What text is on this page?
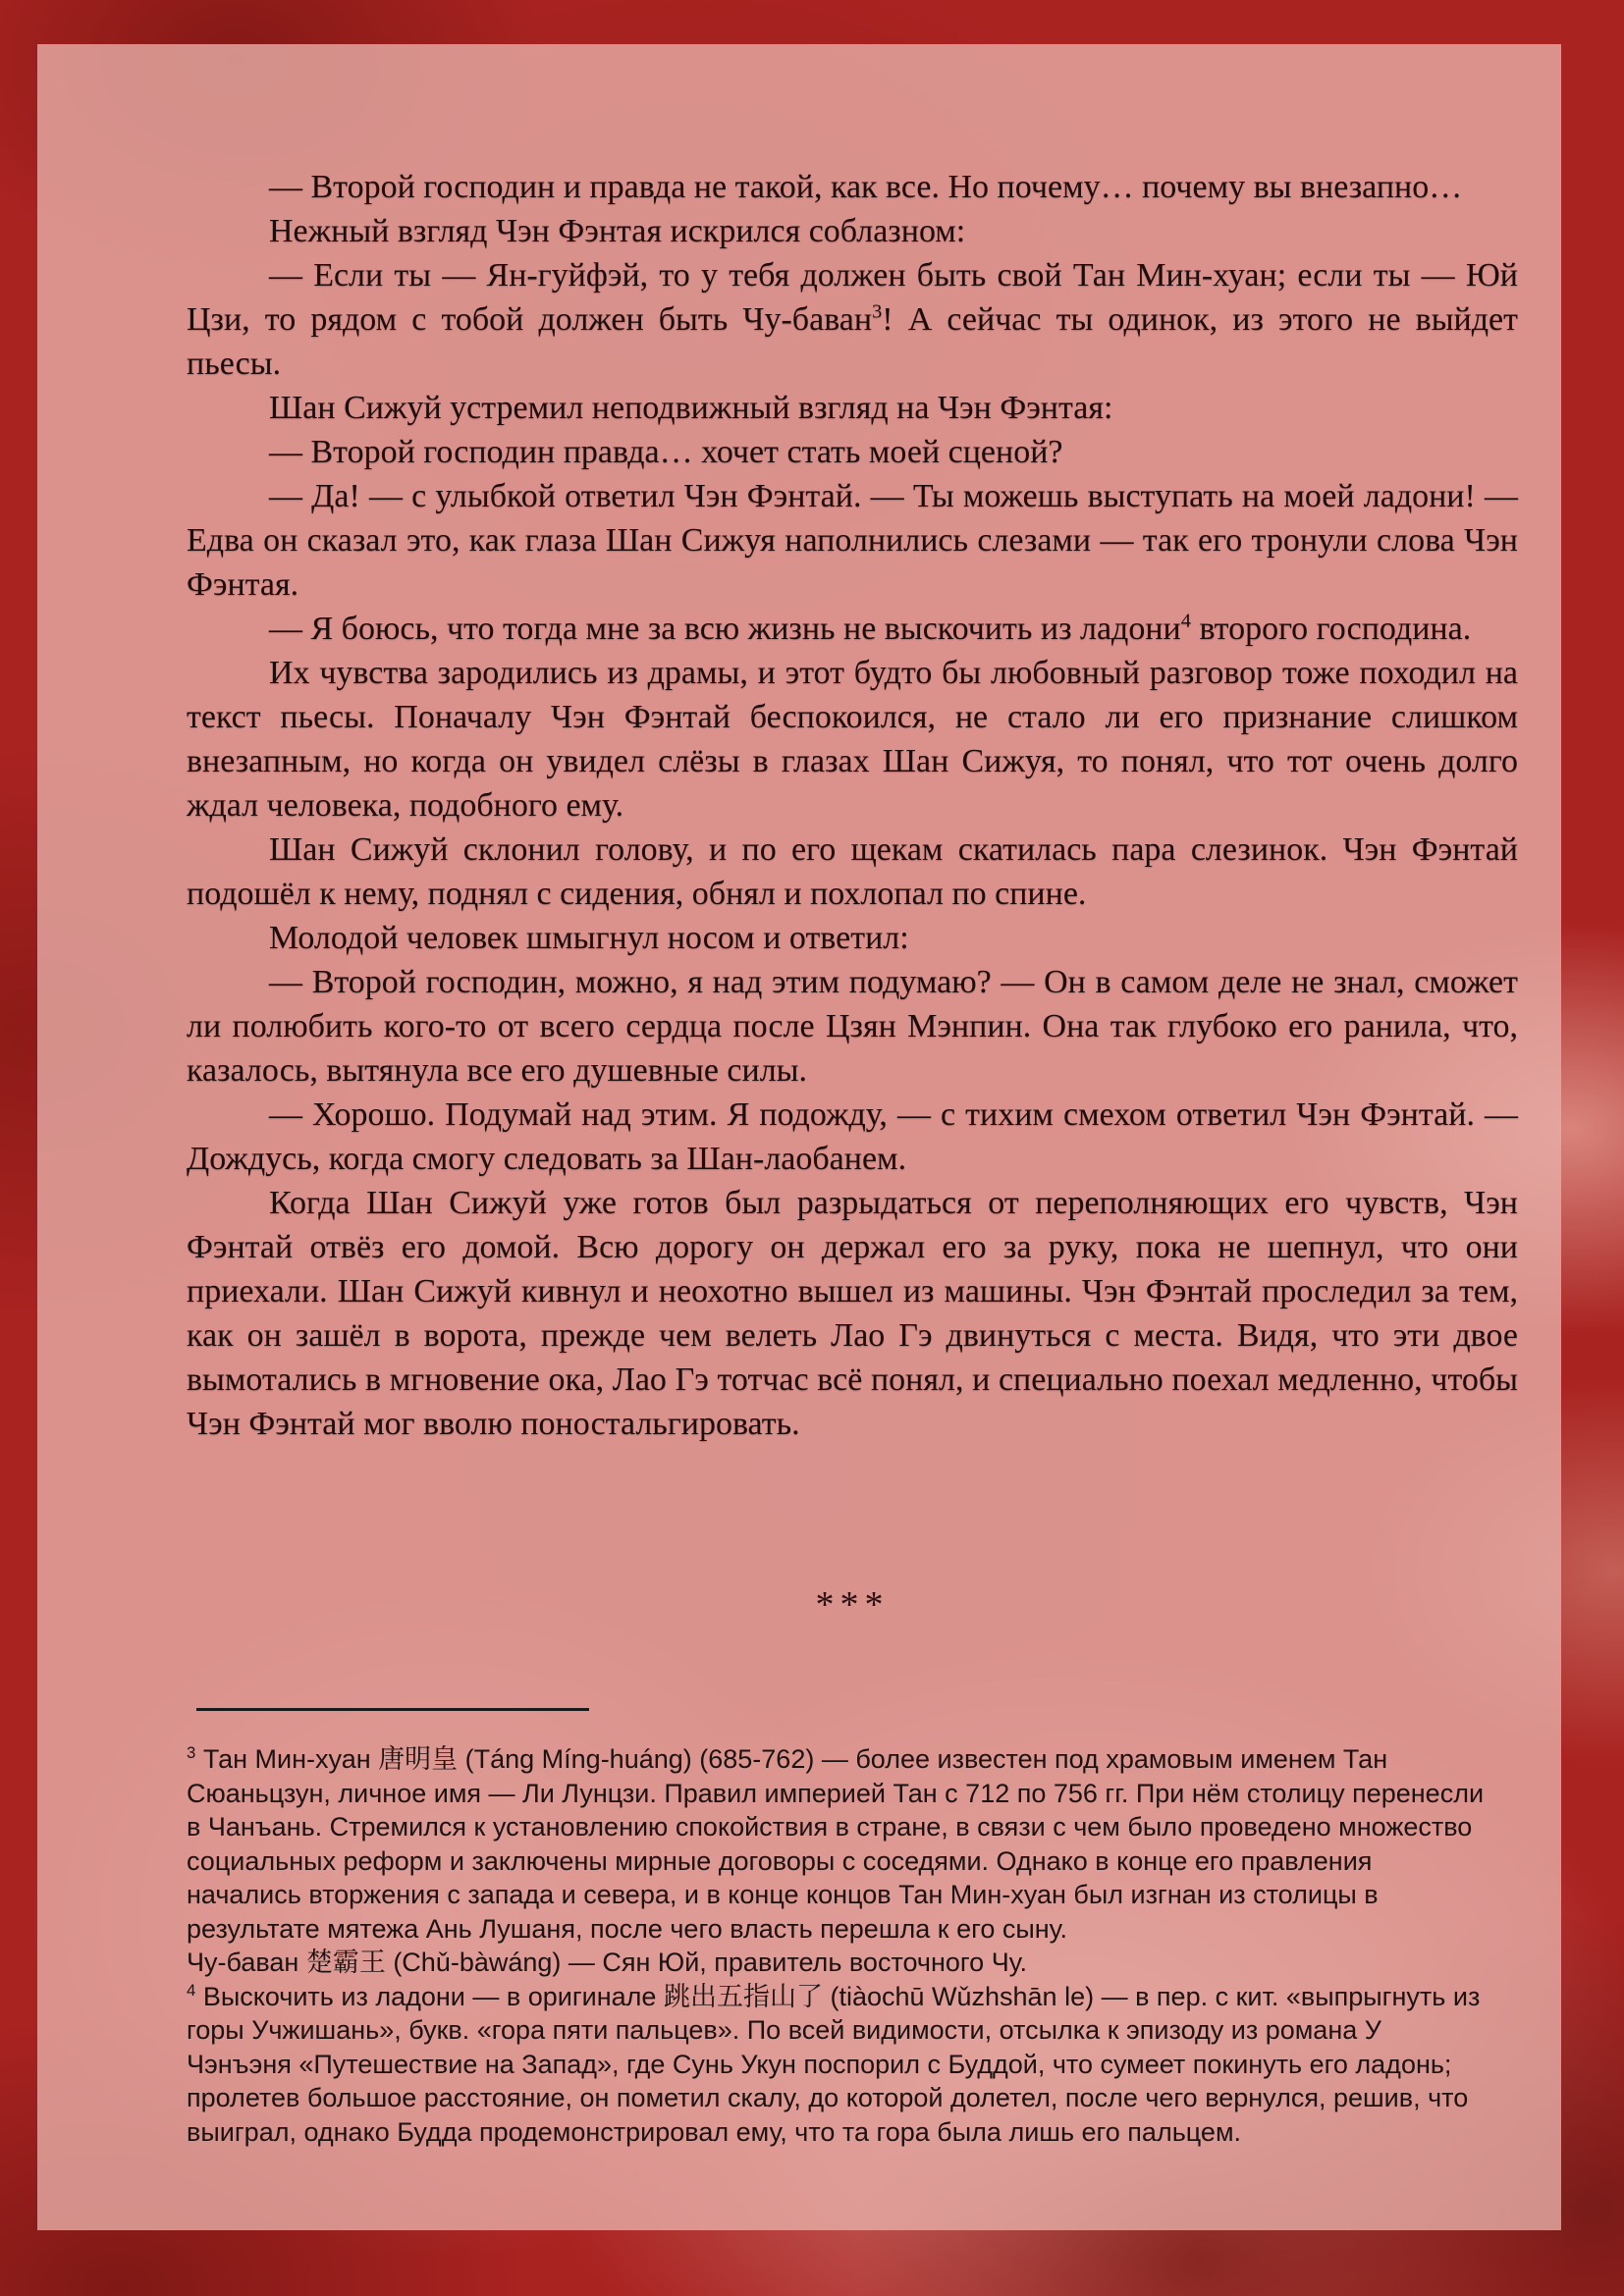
— Второй господин и правда не такой, как все. Но почему… почему вы внезапно…

Нежный взгляд Чэн Фэнтая искрился соблазном:

— Если ты — Ян-гуйфэй, то у тебя должен быть свой Тан Мин-хуан; если ты — Юй Цзи, то рядом с тобой должен быть Чу-баван$^3$! А сейчас ты одинок, из этого не выйдет пьесы.

Шан Сижуй устремил неподвижный взгляд на Чэн Фэнтая:

— Второй господин правда… хочет стать моей сценой?

— Да! — с улыбкой ответил Чэн Фэнтай. — Ты можешь выступать на моей ладони! — Едва он сказал это, как глаза Шан Сижуя наполнились слезами — так его тронули слова Чэн Фэнтая.

— Я боюсь, что тогда мне за всю жизнь не выскочить из ладони$^4$ второго господина.

Их чувства зародились из драмы, и этот будто бы любовный разговор тоже походил на текст пьесы. Поначалу Чэн Фэнтай беспокоился, не стало ли его признание слишком внезапным, но когда он увидел слёзы в глазах Шан Сижуя, то понял, что тот очень долго ждал человека, подобного ему.

Шан Сижуй склонил голову, и по его щекам скатилась пара слезинок. Чэн Фэнтай подошёл к нему, поднял с сидения, обнял и похлопал по спине.

Молодой человек шмыгнул носом и ответил:

— Второй господин, можно, я над этим подумаю? — Он в самом деле не знал, сможет ли полюбить кого-то от всего сердца после Цзян Мэнпин. Она так глубоко его ранила, что, казалось, вытянула все его душевные силы.

— Хорошо. Подумай над этим. Я подожду, — с тихим смехом ответил Чэн Фэнтай. — Дождусь, когда смогу следовать за Шан-лаобанем.

Когда Шан Сижуй уже готов был разрыдаться от переполняющих его чувств, Чэн Фэнтай отвёз его домой. Всю дорогу он держал его за руку, пока не шепнул, что они приехали. Шан Сижуй кивнул и неохотно вышел из машины. Чэн Фэнтай проследил за тем, как он зашёл в ворота, прежде чем велеть Лао Гэ двинуться с места. Видя, что эти двое вымотались в мгновение ока, Лао Гэ тотчас всё понял, и специально поехал медленно, чтобы Чэн Фэнтай мог вволю поностальгировать.

***

$^3$ Тан Мин-хуан 唐明皇 (Táng Míng-huáng) (685-762) — более известен под храмовым именем Тан Сюаньцзун, личное имя — Ли Лунцзи. Правил империей Тан с 712 по 756 гг. При нём столицу перенесли в Чанъань. Стремился к установлению спокойствия в стране, в связи с чем было проведено множество социальных реформ и заключены мирные договоры с соседями. Однако в конце его правления начались вторжения с запада и севера, и в конце концов Тан Мин-хуан был изгнан из столицы в результате мятежа Ань Лушаня, после чего власть перешла к его сыну.

Чу-баван 楚霸王 (Chǔ-bàwáng) — Сян Юй, правитель восточного Чу.

$^4$ Выскочить из ладони — в оригинале 跳出五指山了 (tiàochū Wǔzhshān le) — в пер. с кит. «выпрыгнуть из горы Учжишань», букв. «гора пяти пальцев». По всей видимости, отсылка к эпизоду из романа У Чэнъэня «Путешествие на Запад», где Сунь Укун поспорил с Буддой, что сумеет покинуть его ладонь; пролетев большое расстояние, он пометил скалу, до которой долетел, после чего вернулся, решив, что выиграл, однако Будда продемонстрировал ему, что та гора была лишь его пальцем.
